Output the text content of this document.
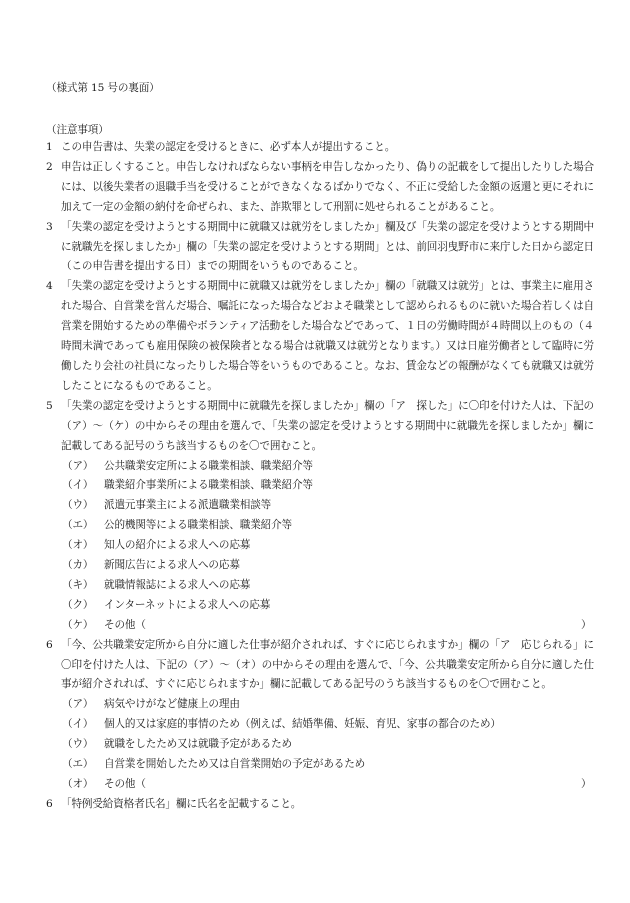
（様式第 15 号の裏面）
（注意事項）
1 この申告書は、失業の認定を受けるときに、必ず本人が提出すること。
2 申告は正しくすること。申告しなければならない事柄を申告しなかったり、偽りの記載をして提出したりした場合には、以後失業者の退職手当を受けることができなくなるばかりでなく、不正に受給した金額の返還と更にそれに加えて一定の金額の納付を命ぜられ、また、詐欺罪として刑罰に処せられることがあること。
3 「失業の認定を受けようとする期間中に就職又は就労をしましたか」欄及び「失業の認定を受けようとする期間中に就職先を探しましたか」欄の「失業の認定を受けようとする期間」とは、前回羽曳野市に来庁した日から認定日（この申告書を提出する日）までの期間をいうものであること。
4 「失業の認定を受けようとする期間中に就職又は就労をしましたか」欄の「就職又は就労」とは、事業主に雇用された場合、自営業を営んだ場合、嘱託になった場合などおよそ職業として認められるものに就いた場合若しくは自営業を開始するための準備やボランティア活動をした場合などであって、１日の労働時間が４時間以上のもの（４時間未満であっても雇用保険の被保険者となる場合は就職又は就労となります。）又は日雇労働者として臨時に労働したり会社の社員になったりした場合等をいうものであること。なお、賃金などの報酬がなくても就職又は就労したことになるものであること。
5 「失業の認定を受けようとする期間中に就職先を探しましたか」欄の「ア　探した」に〇印を付けた人は、下記の（ア）～（ケ）の中からその理由を選んで、「失業の認定を受けようとする期間中に就職先を探しましたか」欄に記載してある記号のうち該当するものを〇で囲むこと。
（ア） 公共職業安定所による職業相談、職業紹介等
（イ） 職業紹介事業所による職業相談、職業紹介等
（ウ） 派遣元事業主による派遣職業相談等
（エ） 公的機関等による職業相談、職業紹介等
（オ） 知人の紹介による求人への応募
（カ） 新聞広告による求人への応募
（キ） 就職情報誌による求人への応募
（ク） インターネットによる求人への応募
（ケ） その他（	）
6 「今、公共職業安定所から自分に適した仕事が紹介されれば、すぐに応じられますか」欄の「ア　応じられる」に〇印を付けた人は、下記の（ア）～（オ）の中からその理由を選んで、「今、公共職業安定所から自分に適した仕事が紹介されれば、すぐに応じられますか」欄に記載してある記号のうち該当するものを〇で囲むこと。
（ア） 病気やけがなど健康上の理由
（イ） 個人的又は家庭的事情のため（例えば、結婚準備、妊娠、育児、家事の都合のため）
（ウ） 就職をしたため又は就職予定があるため
（エ） 自営業を開始したため又は自営業開始の予定があるため
（オ） その他（	）
6 「特例受給資格者氏名」欄に氏名を記載すること。
